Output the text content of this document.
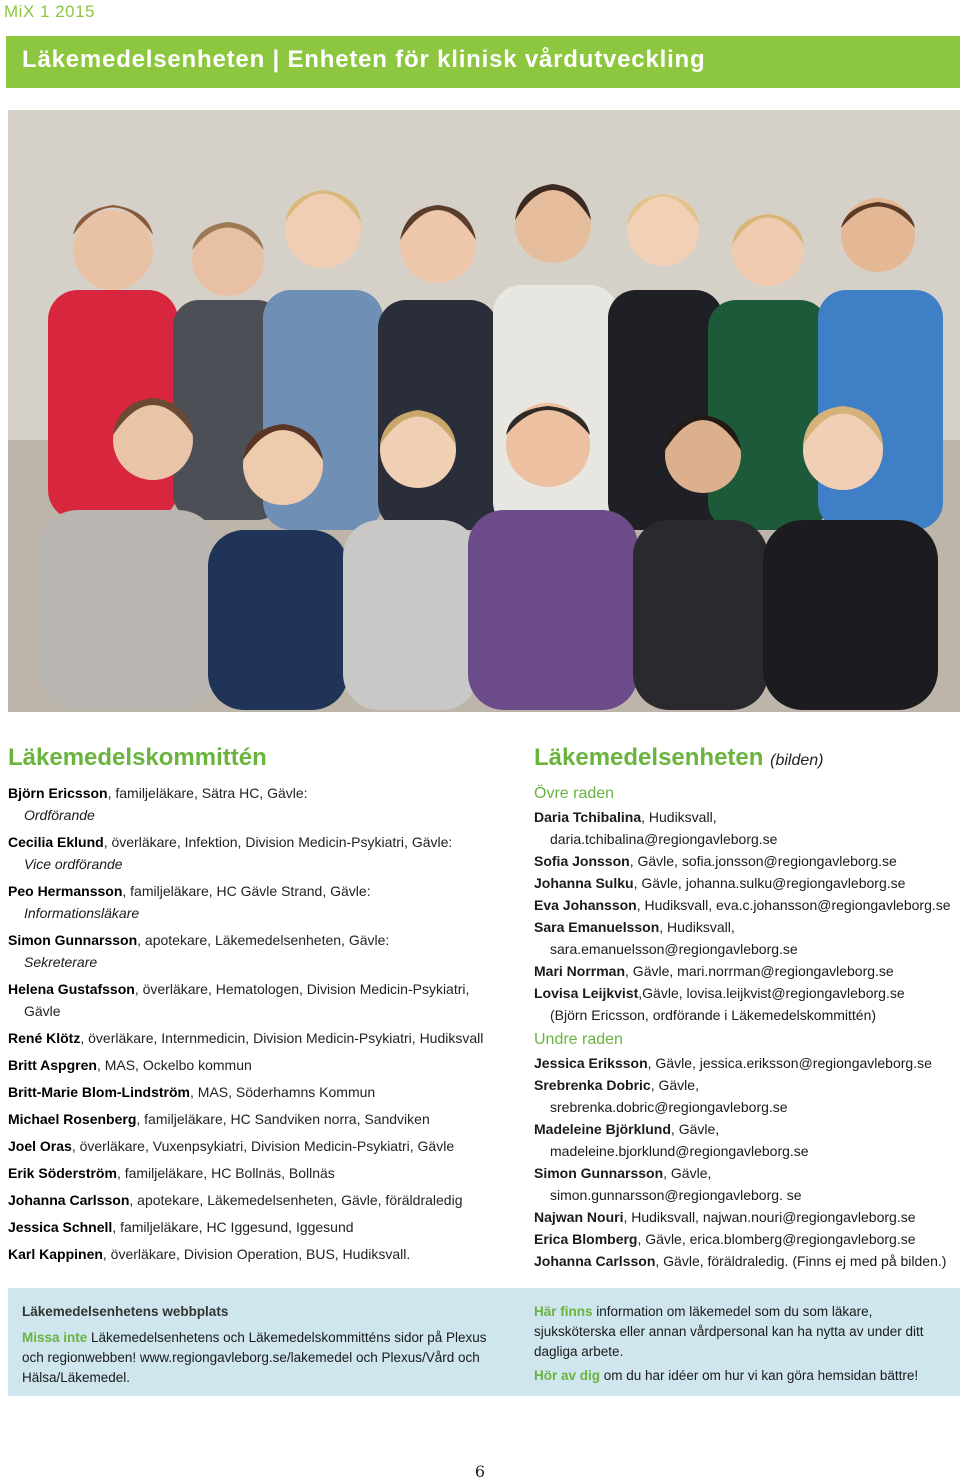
MiX 1 2015
Läkemedelsenheten | Enheten för klinisk vårdutveckling
Läkemedelskommittén
Björn Ericsson, familjeläkare, Sätra HC, Gävle:
Ordförande
Cecilia Eklund, överläkare, Infektion, Division Medicin-Psykiatri, Gävle:
Vice ordförande
Peo Hermansson, familjeläkare, HC Gävle Strand, Gävle:
Informationsläkare
Simon Gunnarsson, apotekare, Läkemedelsenheten, Gävle:
Sekreterare
Helena Gustafsson, överläkare, Hematologen, Division Medicin-Psykiatri,
Gävle
René Klötz, överläkare, Internmedicin, Division Medicin-Psykiatri, Hudiksvall
Britt Aspgren, MAS, Ockelbo kommun
Britt-Marie Blom-Lindström, MAS, Söderhamns Kommun
Michael Rosenberg, familjeläkare, HC Sandviken norra, Sandviken
Joel Oras, överläkare, Vuxenpsykiatri, Division Medicin-Psykiatri, Gävle
Erik Söderström, familjeläkare, HC Bollnäs, Bollnäs
Johanna Carlsson, apotekare, Läkemedelsenheten, Gävle, föräldraledig
Jessica Schnell, familjeläkare, HC Iggesund, Iggesund
Karl Kappinen, överläkare, Division Operation, BUS, Hudiksvall.
Läkemedelsenheten (bilden)
Övre raden
Daria Tchibalina, Hudiksvall,
daria.tchibalina@regiongavleborg.se
Sofia Jonsson, Gävle, sofia.jonsson@regiongavleborg.se
Johanna Sulku, Gävle, johanna.sulku@regiongavleborg.se
Eva Johansson, Hudiksvall, eva.c.johansson@regiongavleborg.se
Sara Emanuelsson, Hudiksvall,
sara.emanuelsson@regiongavleborg.se
Mari Norrman, Gävle, mari.norrman@regiongavleborg.se
Lovisa Leijkvist,Gävle, lovisa.leijkvist@regiongavleborg.se
(Björn Ericsson, ordförande i Läkemedelskommittén)
Undre raden
Jessica Eriksson, Gävle, jessica.eriksson@regiongavleborg.se
Srebrenka Dobric, Gävle,
srebrenka.dobric@regiongavleborg.se
Madeleine Björklund, Gävle,
madeleine.bjorklund@regiongavleborg.se
Simon Gunnarsson, Gävle,
simon.gunnarsson@regiongavleborg. se
Najwan Nouri, Hudiksvall, najwan.nouri@regiongavleborg.se
Erica Blomberg, Gävle, erica.blomberg@regiongavleborg.se
Johanna Carlsson, Gävle, föräldraledig. (Finns ej med på bilden.)
Läkemedelsenhetens webbplats
Missa inte Läkemedelsenhetens och Läkemedelskommitténs sidor på Plexus och regionwebben! www.regiongavleborg.se/lakemedel och Plexus/Vård och Hälsa/Läkemedel.
Här finns information om läkemedel som du som läkare, sjuksköterska eller annan vårdpersonal kan ha nytta av under ditt dagliga arbete.
Hör av dig om du har idéer om hur vi kan göra hemsidan bättre!
6
